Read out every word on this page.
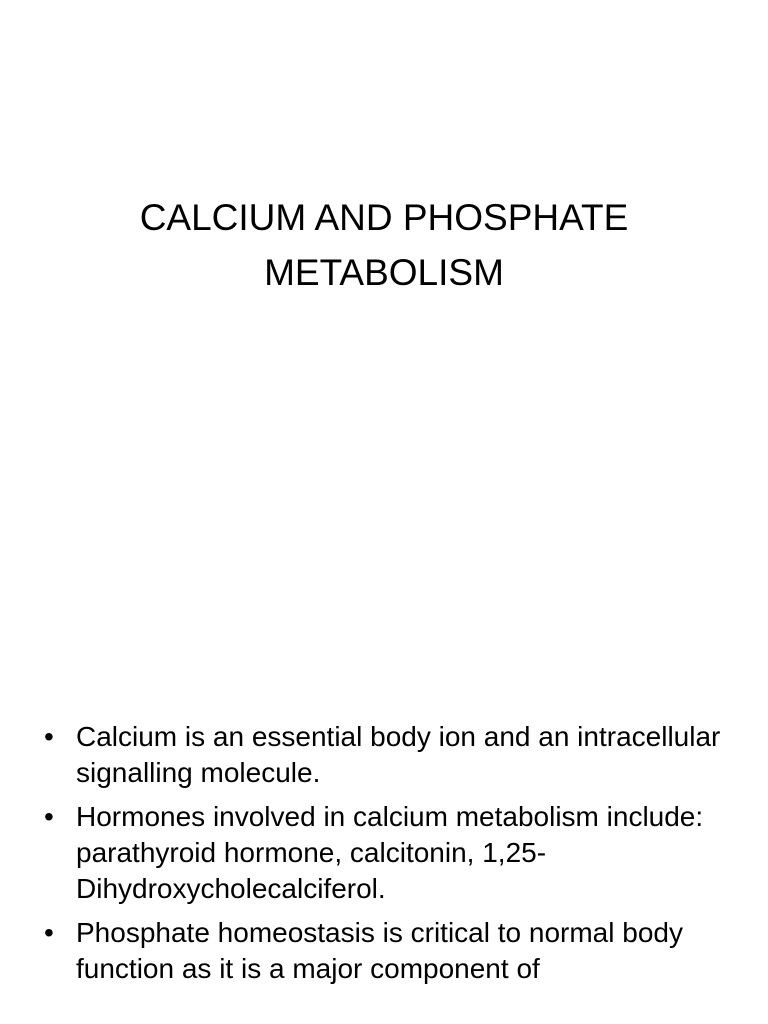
CALCIUM AND PHOSPHATE
METABOLISM
• Calcium is an essential body ion and an intracellular signalling molecule.
• Hormones involved in calcium metabolism include: parathyroid hormone, calcitonin, 1,25-Dihydroxycholecalciferol.
• Phosphate homeostasis is critical to normal body function as it is a major component of
